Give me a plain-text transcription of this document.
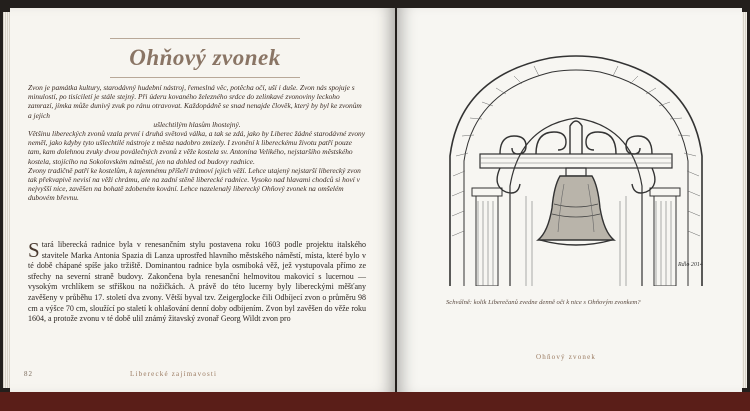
Ohňový zvonek

Zvon je památka kultury, starodávný hudební nástroj, řemeslná věc, potěcha očí, uší i duše. Zvon nás spojuje s minulostí, po tisíciletí je stále stejný. Při úderu kovaného železného srdce do zelinkavé zvonoviny leckoho zamrazí, jímka může dunivý zvuk po ránu otravovat. Každopádně se snad nenajde člověk, který by byl ke zvonům a jejich

ušlechtilým hlasům lhostejný.

Většinu libereckých zvonů vzala první i druhá světová válka, a tak se zdá, jako by Liberec žádné starodávné zvony neměl, jako kdyby tyto ušlechtilé nástroje z města nadobro zmizely. I zvonění k libereckému životu patří pouze tam, kam dolehnou zvuky dvou poválečných zvonů z věže kostela sv. Antonína Velikého, nejstaršího městského kostela, stojícího na Sokolovském náměstí, jen na dohled od budovy radnice.

Zvony tradičně patří ke kostelům, k tajemnému příšeří trámoví jejich věží. Lehce utajený nejstarší liberecký zvon tak překvapivě nevisí na věži chrámu, ale na zadní stěně liberecké radnice. Vysoko nad hlavami chodců si hoví v nejvyšší nice, zavěšen na bohatě zdobeném kování. Lehce nazelenalý liberecký Ohňový zvonek na omšelém dubovém břevnu.

Stará liberecká radnice byla v renesančním stylu postavena roku 1603 podle projektu italského stavitele Marka Antonia Spazia di Lanza uprostřed hlavního městského náměstí, místa, které bylo v té době chápané spíše jako tržiště. Dominantou radnice byla osmiboká věž, jež vystupovala přímo ze střechy na severní straně budovy. Zakončena byla renesanční helmovitou makovicí s lucernou — vysokým vrchlíkem se stříškou na nožičkách. A právě do této lucerny byly libereckými měšťany zavěšeny v průběhu 17. století dva zvony. Větší byval tzv. Zeigerglocke čili Odbíjecí zvon o průměru 98 cm a výšce 70 cm, sloužící po staletí k ohlašování denní doby odbíjením. Zvon byl zavěšen do věže roku 1604, a protože zvonu v té době ulil známý žitavský zvonař Georg Wildt zvon pro
82	Liberecké zajímavosti
Ohňový zvonek
Rdlo 2014
Schválně: kolik Liberečanů zvedne denně oči k nice s Ohňovým zvonkem?
